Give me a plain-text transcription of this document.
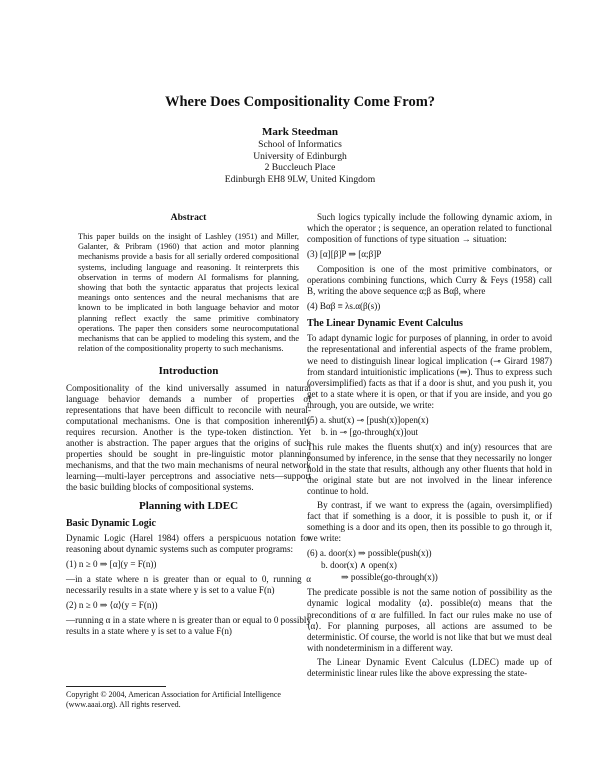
Where Does Compositionality Come From?
Mark Steedman
School of Informatics
University of Edinburgh
2 Buccleuch Place
Edinburgh EH8 9LW, United Kingdom
Abstract
This paper builds on the insight of Lashley (1951) and Miller, Galanter, & Pribram (1960) that action and motor planning mechanisms provide a basis for all serially ordered compositional systems, including language and reasoning. It reinterprets this observation in terms of modern AI formalisms for planning, showing that both the syntactic apparatus that projects lexical meanings onto sentences and the neural mechanisms that are known to be implicated in both language behavior and motor planning reflect exactly the same primitive combinatory operations. The paper then considers some neurocomputational mechanisms that can be applied to modeling this system, and the relation of the compositionality property to such mechanisms.
Introduction

Compositionality of the kind universally assumed in natural language behavior demands a number of properties of representations that have been difficult to reconcile with neural-computational mechanisms. One is that composition inherently requires recursion. Another is the type-token distinction. Yet another is abstraction. The paper argues that the origins of such properties should be sought in pre-linguistic motor planning mechanisms, and that the two main mechanisms of neural network learning—multi-layer perceptrons and associative nets—support the basic building blocks of compositional systems.

Planning with LDEC
Basic Dynamic Logic

Dynamic Logic (Harel 1984) offers a perspicuous notation for reasoning about dynamic systems such as computer programs:

(1) n ≥ 0 ⇒ [α](y = F(n))

—in a state where n is greater than or equal to 0, running α necessarily results in a state where y is set to a value F(n)

(2) n ≥ 0 ⇒ ⟨α⟩(y = F(n))

—running α in a state where n is greater than or equal to 0 possibly results in a state where y is set to a value F(n)

Copyright © 2004, American Association for Artificial Intelligence (www.aaai.org). All rights reserved.

Such logics typically include the following dynamic axiom, in which the operator ; is sequence, an operation related to functional composition of functions of type situation → situation:

(3) [α][β]P ⇒ [α;β]P

Composition is one of the most primitive combinators, or operations combining functions, which Curry & Feys (1958) call B, writing the above sequence α;β as Bαβ, where

(4) Bαβ ≡ λs.α(β(s))
The Linear Dynamic Event Calculus

To adapt dynamic logic for purposes of planning, in order to avoid the representational and inferential aspects of the frame problem, we need to distinguish linear logical implication (⊸ Girard 1987) from standard intuitionistic implications (⇒). Thus to express such (oversimplified) facts as that if a door is shut, and you push it, you get to a state where it is open, or that if you are inside, and you go through, you are outside, we write:

(5) a. shut(x) ⊸ [push(x)]open(x)
b. in ⊸ [go-through(x)]out

This rule makes the fluents shut(x) and in(y) resources that are consumed by inference, in the sense that they necessarily no longer hold in the state that results, although any other fluents that hold in the original state but are not involved in the linear inference continue to hold.

By contrast, if we want to express the (again, oversimplified) fact that if something is a door, it is possible to push it, or if something is a door and its open, then its possible to go through it, we write:

(6) a. door(x) ⇒ possible(push(x))
b. door(x) ∧ open(x)
⇒ possible(go-through(x))

The predicate possible is not the same notion of possibility as the dynamic logical modality ⟨α⟩. possible(α) means that the preconditions of α are fulfilled. In fact our rules make no use of ⟨α⟩. For planning purposes, all actions are assumed to be deterministic. Of course, the world is not like that but we must deal with nondeterminism in a different way.

The Linear Dynamic Event Calculus (LDEC) made up of deterministic linear rules like the above expressing the state-
